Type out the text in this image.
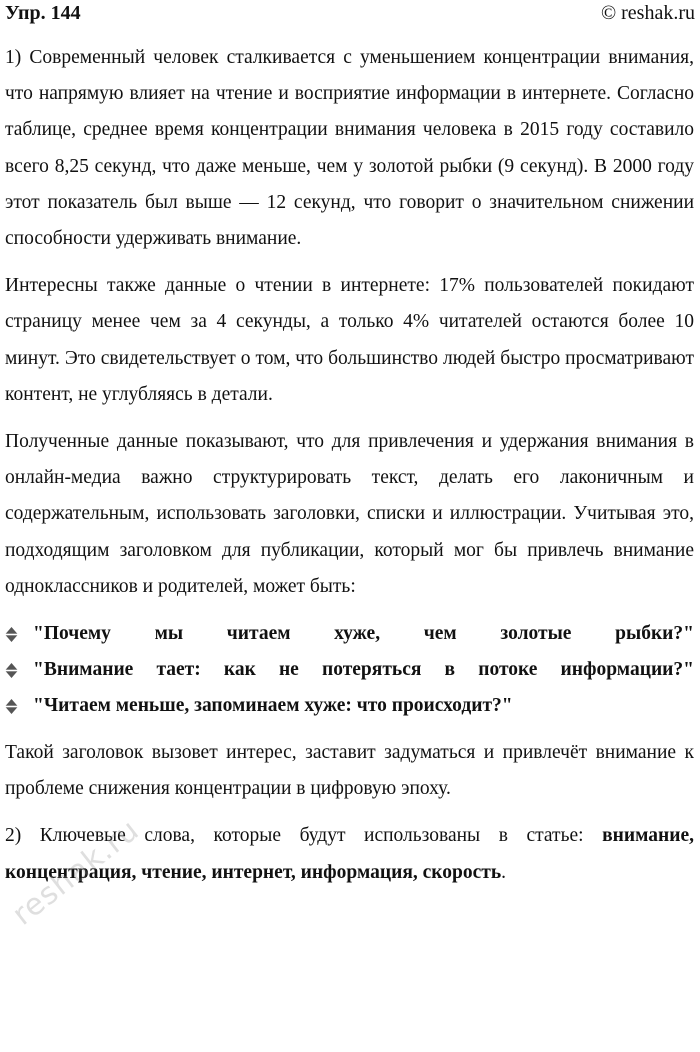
Упр. 144	© reshak.ru

1) Современный человек сталкивается с уменьшением концентрации внимания, что напрямую влияет на чтение и восприятие информации в интернете. Согласно таблице, среднее время концентрации внимания человека в 2015 году составило всего 8,25 секунд, что даже меньше, чем у золотой рыбки (9 секунд). В 2000 году этот показатель был выше — 12 секунд, что говорит о значительном снижении способности удерживать внимание.

Интересны также данные о чтении в интернете: 17% пользователей покидают страницу менее чем за 4 секунды, а только 4% читателей остаются более 10 минут. Это свидетельствует о том, что большинство людей быстро просматривают контент, не углубляясь в детали.

Полученные данные показывают, что для привлечения и удержания внимания в онлайн-медиа важно структурировать текст, делать его лаконичным и содержательным, использовать заголовки, списки и иллюстрации. Учитывая это, подходящим заголовком для публикации, который мог бы привлечь внимание одноклассников и родителей, может быть:

"Почему мы читаем хуже, чем золотые рыбки?"
"Внимание тает: как не потеряться в потоке информации?"
"Читаем меньше, запоминаем хуже: что происходит?"

Такой заголовок вызовет интерес, заставит задуматься и привлечёт внимание к проблеме снижения концентрации в цифровую эпоху.

2) Ключевые слова, которые будут использованы в статье: внимание, концентрация, чтение, интернет, информация, скорость.

reshak.ru
